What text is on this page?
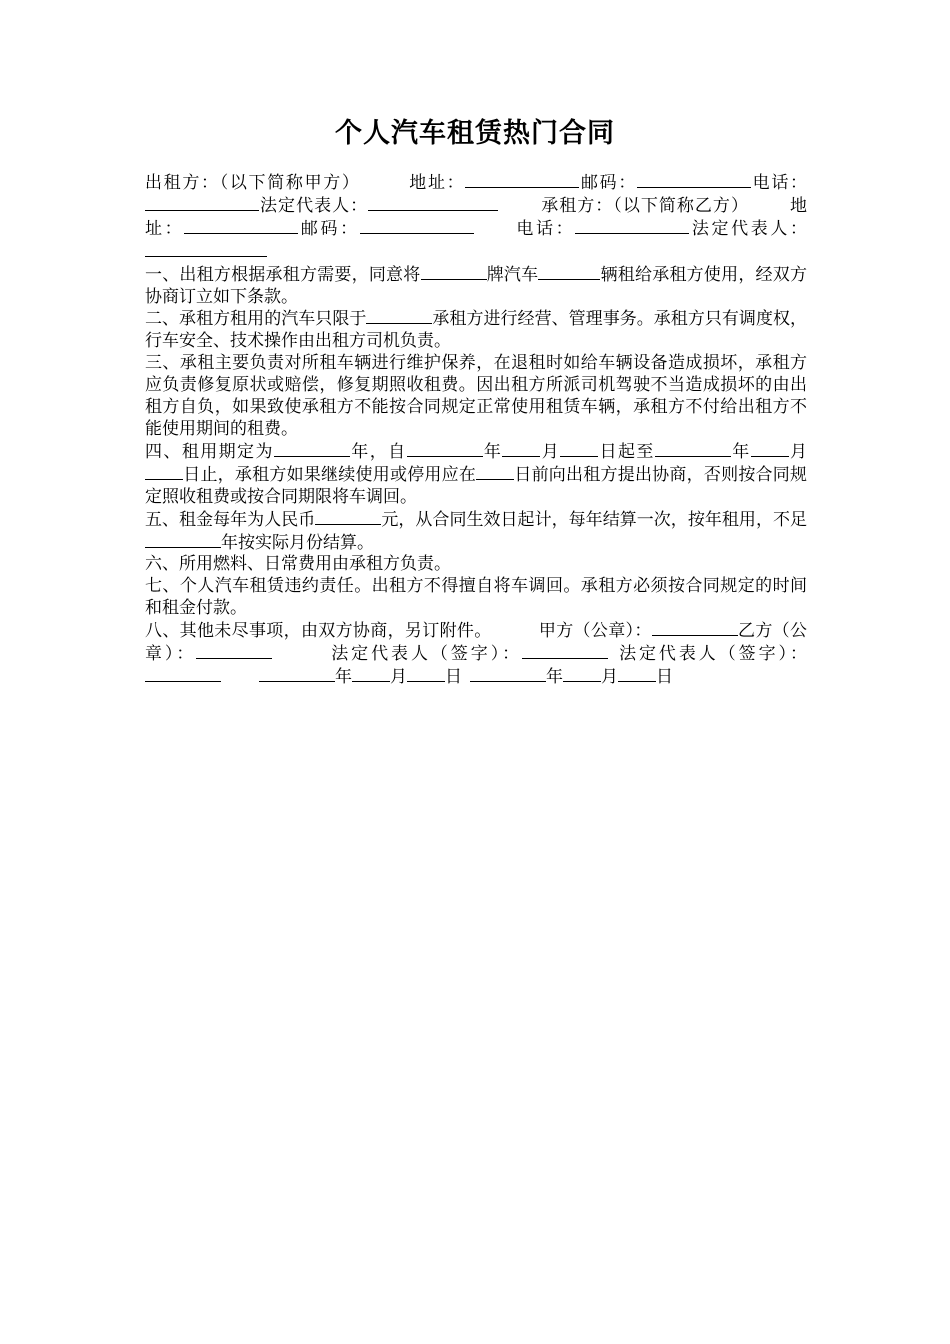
个人汽车租赁热门合同

出租方：（以下简称甲方）	地址：	邮码：	电话：法定代表人：	承租方：（以下简称乙方） 地址：	邮码：	电话：	法定代表人：

一、出租方根据承租方需要，同意将	牌汽车	辆租给承租方使用，经双方协商订立如下条款。

二、承租方租用的汽车只限于	承租方进行经营、管理事务。承租方只有调度权，行车安全、技术操作由出租方司机负责。

三、承租主要负责对所租车辆进行维护保养，在退租时如给车辆设备造成损坏，承租方应负责修复原状或赔偿，修复期照收租费。因出租方所派司机驾驶不当造成损坏的由出租方自负，如果致使承租方不能按合同规定正常使用租赁车辆，承租方不付给出租方不能使用期间的租费。

四、租用期定为	年，自	年 月 日起至	年 月日止，承租方如果继续使用或停用应在 日前向出租方提出协商，否则按合同规定照收租费或按合同期限将车调回。

五、租金每年为人民币	元，从合同生效日起计，每年结算一次，按年租用，不足年按实际月份结算。

六、所用燃料、日常费用由承租方负责。

七、个人汽车租赁违约责任。出租方不得擅自将车调回。承租方必须按合同规定的时间和租金付款。

八、其他未尽事项，由双方协商，另订附件。	甲方（公章）：	乙方（公章）：	法定代表人（签字）：	法定代表人（签字）：年 月 日	年 月 日
